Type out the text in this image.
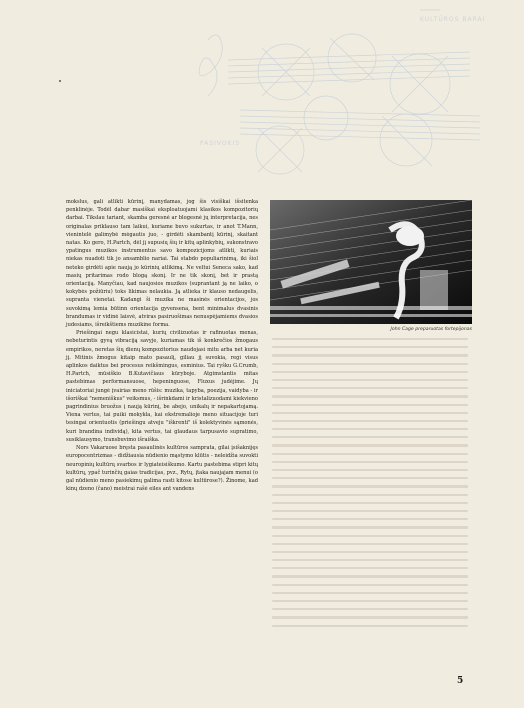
KULTŪROS BARAI
PASIVOKIS

mokslus, gali atlikti kūrinį, manydamas, jog šis visiškai išsitenka penklinėje. Todėl dabar masiškai eksploatuojami klasikos kompozitorių darbai. Tikslau tariant, skamba geresnė ar blogesnė jų interpretacija, nes originalas priklauso tam laikui, kuriame buvo sukurtas, ir anot T.Mann, vienintelė galimybė mėgautis juo, - girdėti skambantį kūrinį, skaitant natas. Ko gero, H.Partch, dėl jį supusių šių ir kitų aplinkybių, sukonstravo ypatingus muzikos instrumentus savo kompozicijoms atlikti, kuriais niekas nuadoti tik jo ansamblio nariai. Tai stabdo populiarinimą, iki šiol neteko girdėti apie naują jo kūrinių atlikimą. Ne veltui Seneca sako, kad masių pritarimas rodo blogą skonį. Ir ne tik skonį, bet ir prastą orientaciją. Manyčiau, kad naujosios muzikos (suprantant ją ne laiko, o kokybės požiūriu) toks likimas nelaukia. Ją atlieka ir klauso nedaugelis, supranta vienetai. Kadangi ši muzika ne masinės orientacijos, jos suvokimą lemia būtinn orientacija gyvensena, bent minimalus dvasinis brandumas ir vidinė laisvė, atviras pasiruošimas nenuspėjamiems dvasios judesiams, išreikštiems muzikine forma.

Priešingai negu klasicistai, kurių civilizuotas ir rafinuotas menas, nebeturintis gyvą vibraciją savyje, kuriamas tik iš konkrečios žmogaus empirikos, neretas šių dienų kompozitorius naudojasi mitu arba net kuria jį. Mitinis žmogus kitaip mato pasaulį, giliau jį suvokia, regi visus aplinkos daiktus bei procesus reikšmingus, esminius. Tai ryšku G.Crumb, H.Partch, mūsiškio B.Kutavičiaus kūryboje. Atgimstantis mitas pastebimas performansuose, hepeninguose, Fluxus judėjime. Jų iniciatoriai jungė įvairias meno rūšis: muzika, tapyba, poezija, vaidyba - ir išoriškai "nemeniškus" veiksmus, - išrinkdami ir kristalizuodami kiekvieno pagrindinius bruožus į naują kūrinį, be abejo, unikalų ir nepakartojamą. Viena vertus, tai puiki mokykla, kai ekstremalioje meno situacijoje turi tesingai orientuotis (priešingu atveju "iškrenti" iš kolektyvinės sąmonės, kuri brandina individą), kita vertus, tai glaudaus tarpusavio supratimo, susiklausymo, transbuvimo išraiška.

Nors Vakaruose bręsta pasaulinės kultūros samprata, gilai įsišaknijęs europocentrizmas - didžiausia nūdienio mąstymo klūtis - neleidžia suvokti neuropinių kultūrų svarbos ir lygiateisiškumo. Kartu pastebima stipri kitų kultūrų, ypač turinčių gaias tradicijas, pvz., Rytų, įtaka naujajam menui (o gal nūdienio meno pasiekimų galima rasti kitose kultūrose?). Žinome, kad kinų dzeno (čano) meistrai rašė eiles ant vandens

John Cage preparuotas fortepijonas
5
